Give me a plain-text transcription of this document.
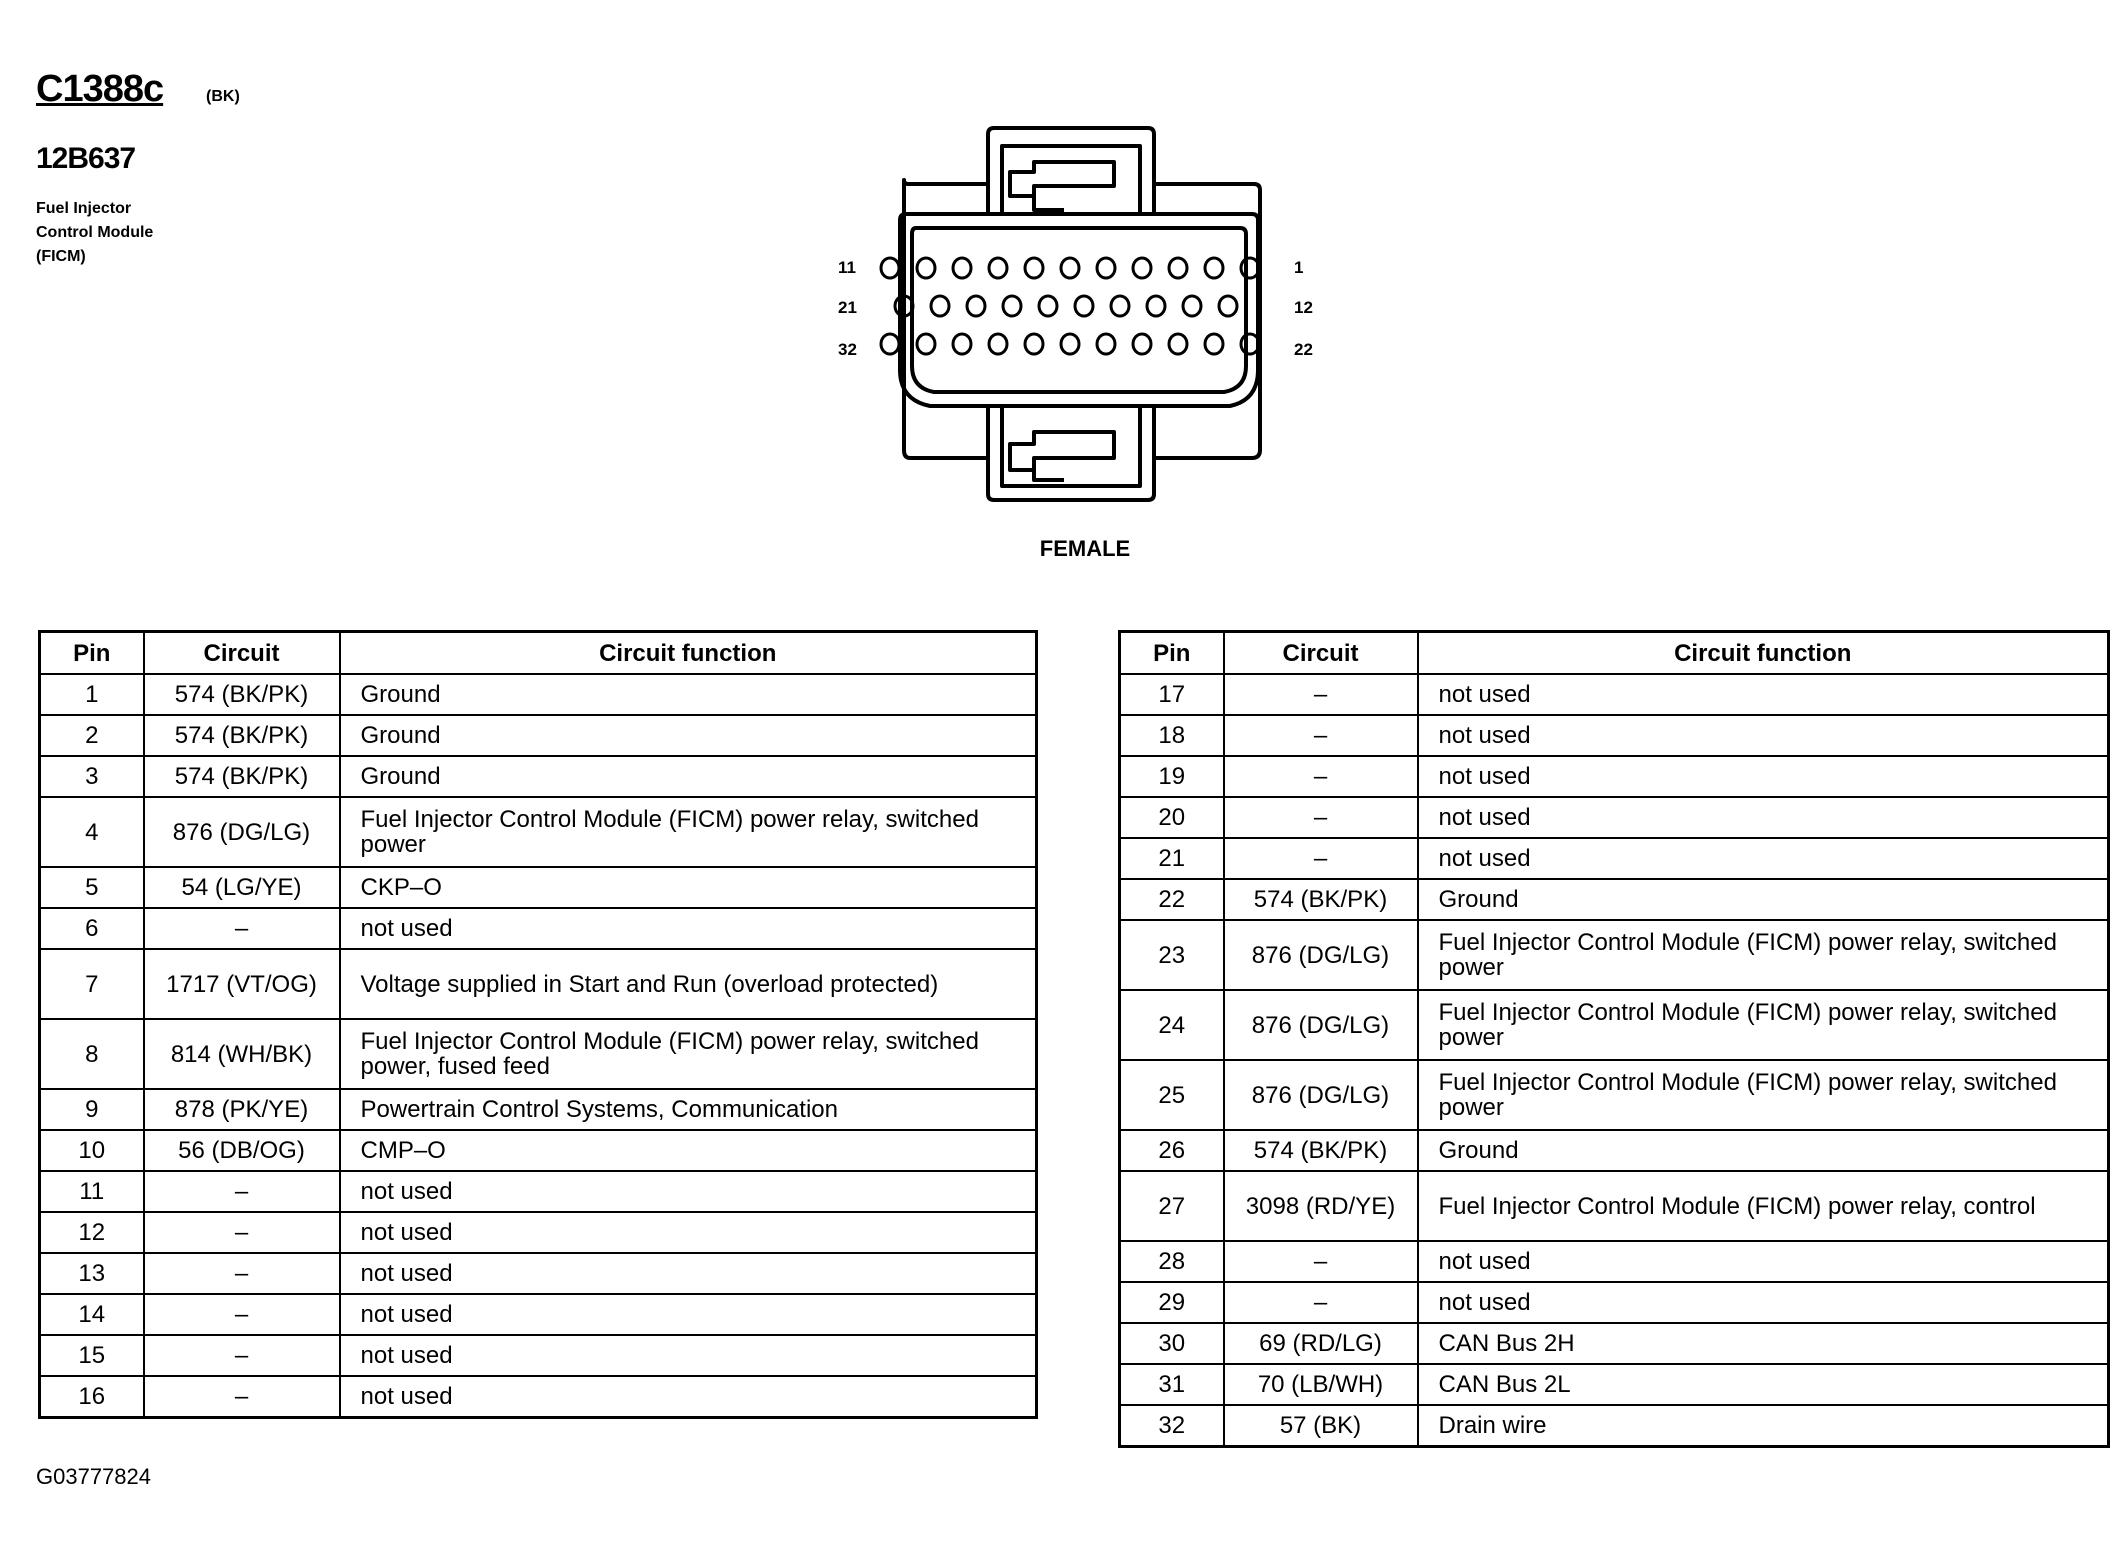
C1388c	(BK)
12B637
Fuel Injector
Control Module
(FICM)
11	1
21	12
32	22
FEMALE
Pin	Circuit	Circuit function
1	574 (BK/PK)	Ground
2	574 (BK/PK)	Ground
3	574 (BK/PK)	Ground
4	876 (DG/LG)	Fuel Injector Control Module (FICM) power relay, switched power
5	54 (LG/YE)	CKP–O
6	–	not used
7	1717 (VT/OG)	Voltage supplied in Start and Run (overload protected)
8	814 (WH/BK)	Fuel Injector Control Module (FICM) power relay, switched power, fused feed
9	878 (PK/YE)	Powertrain Control Systems, Communication
10	56 (DB/OG)	CMP–O
11	–	not used
12	–	not used
13	–	not used
14	–	not used
15	–	not used
16	–	not used
Pin	Circuit	Circuit function
17	–	not used
18	–	not used
19	–	not used
20	–	not used
21	–	not used
22	574 (BK/PK)	Ground
23	876 (DG/LG)	Fuel Injector Control Module (FICM) power relay, switched power
24	876 (DG/LG)	Fuel Injector Control Module (FICM) power relay, switched power
25	876 (DG/LG)	Fuel Injector Control Module (FICM) power relay, switched power
26	574 (BK/PK)	Ground
27	3098 (RD/YE)	Fuel Injector Control Module (FICM) power relay, control
28	–	not used
29	–	not used
30	69 (RD/LG)	CAN Bus 2H
31	70 (LB/WH)	CAN Bus 2L
32	57 (BK)	Drain wire
G03777824
